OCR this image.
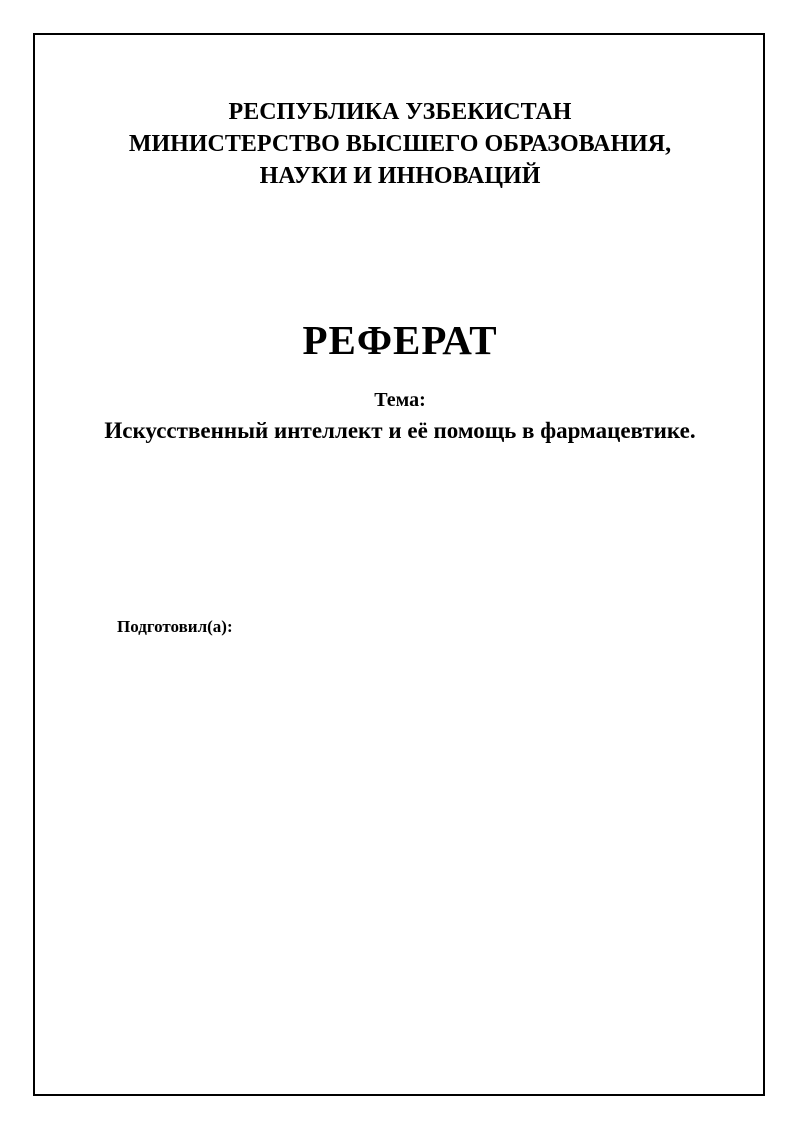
РЕСПУБЛИКА УЗБЕКИСТАН
МИНИСТЕРСТВО ВЫСШЕГО ОБРАЗОВАНИЯ,
НАУКИ И ИННОВАЦИЙ
РЕФЕРАТ
Тема:
Искусственный интеллект и её помощь в фармацевтике.
Подготовил(а):
